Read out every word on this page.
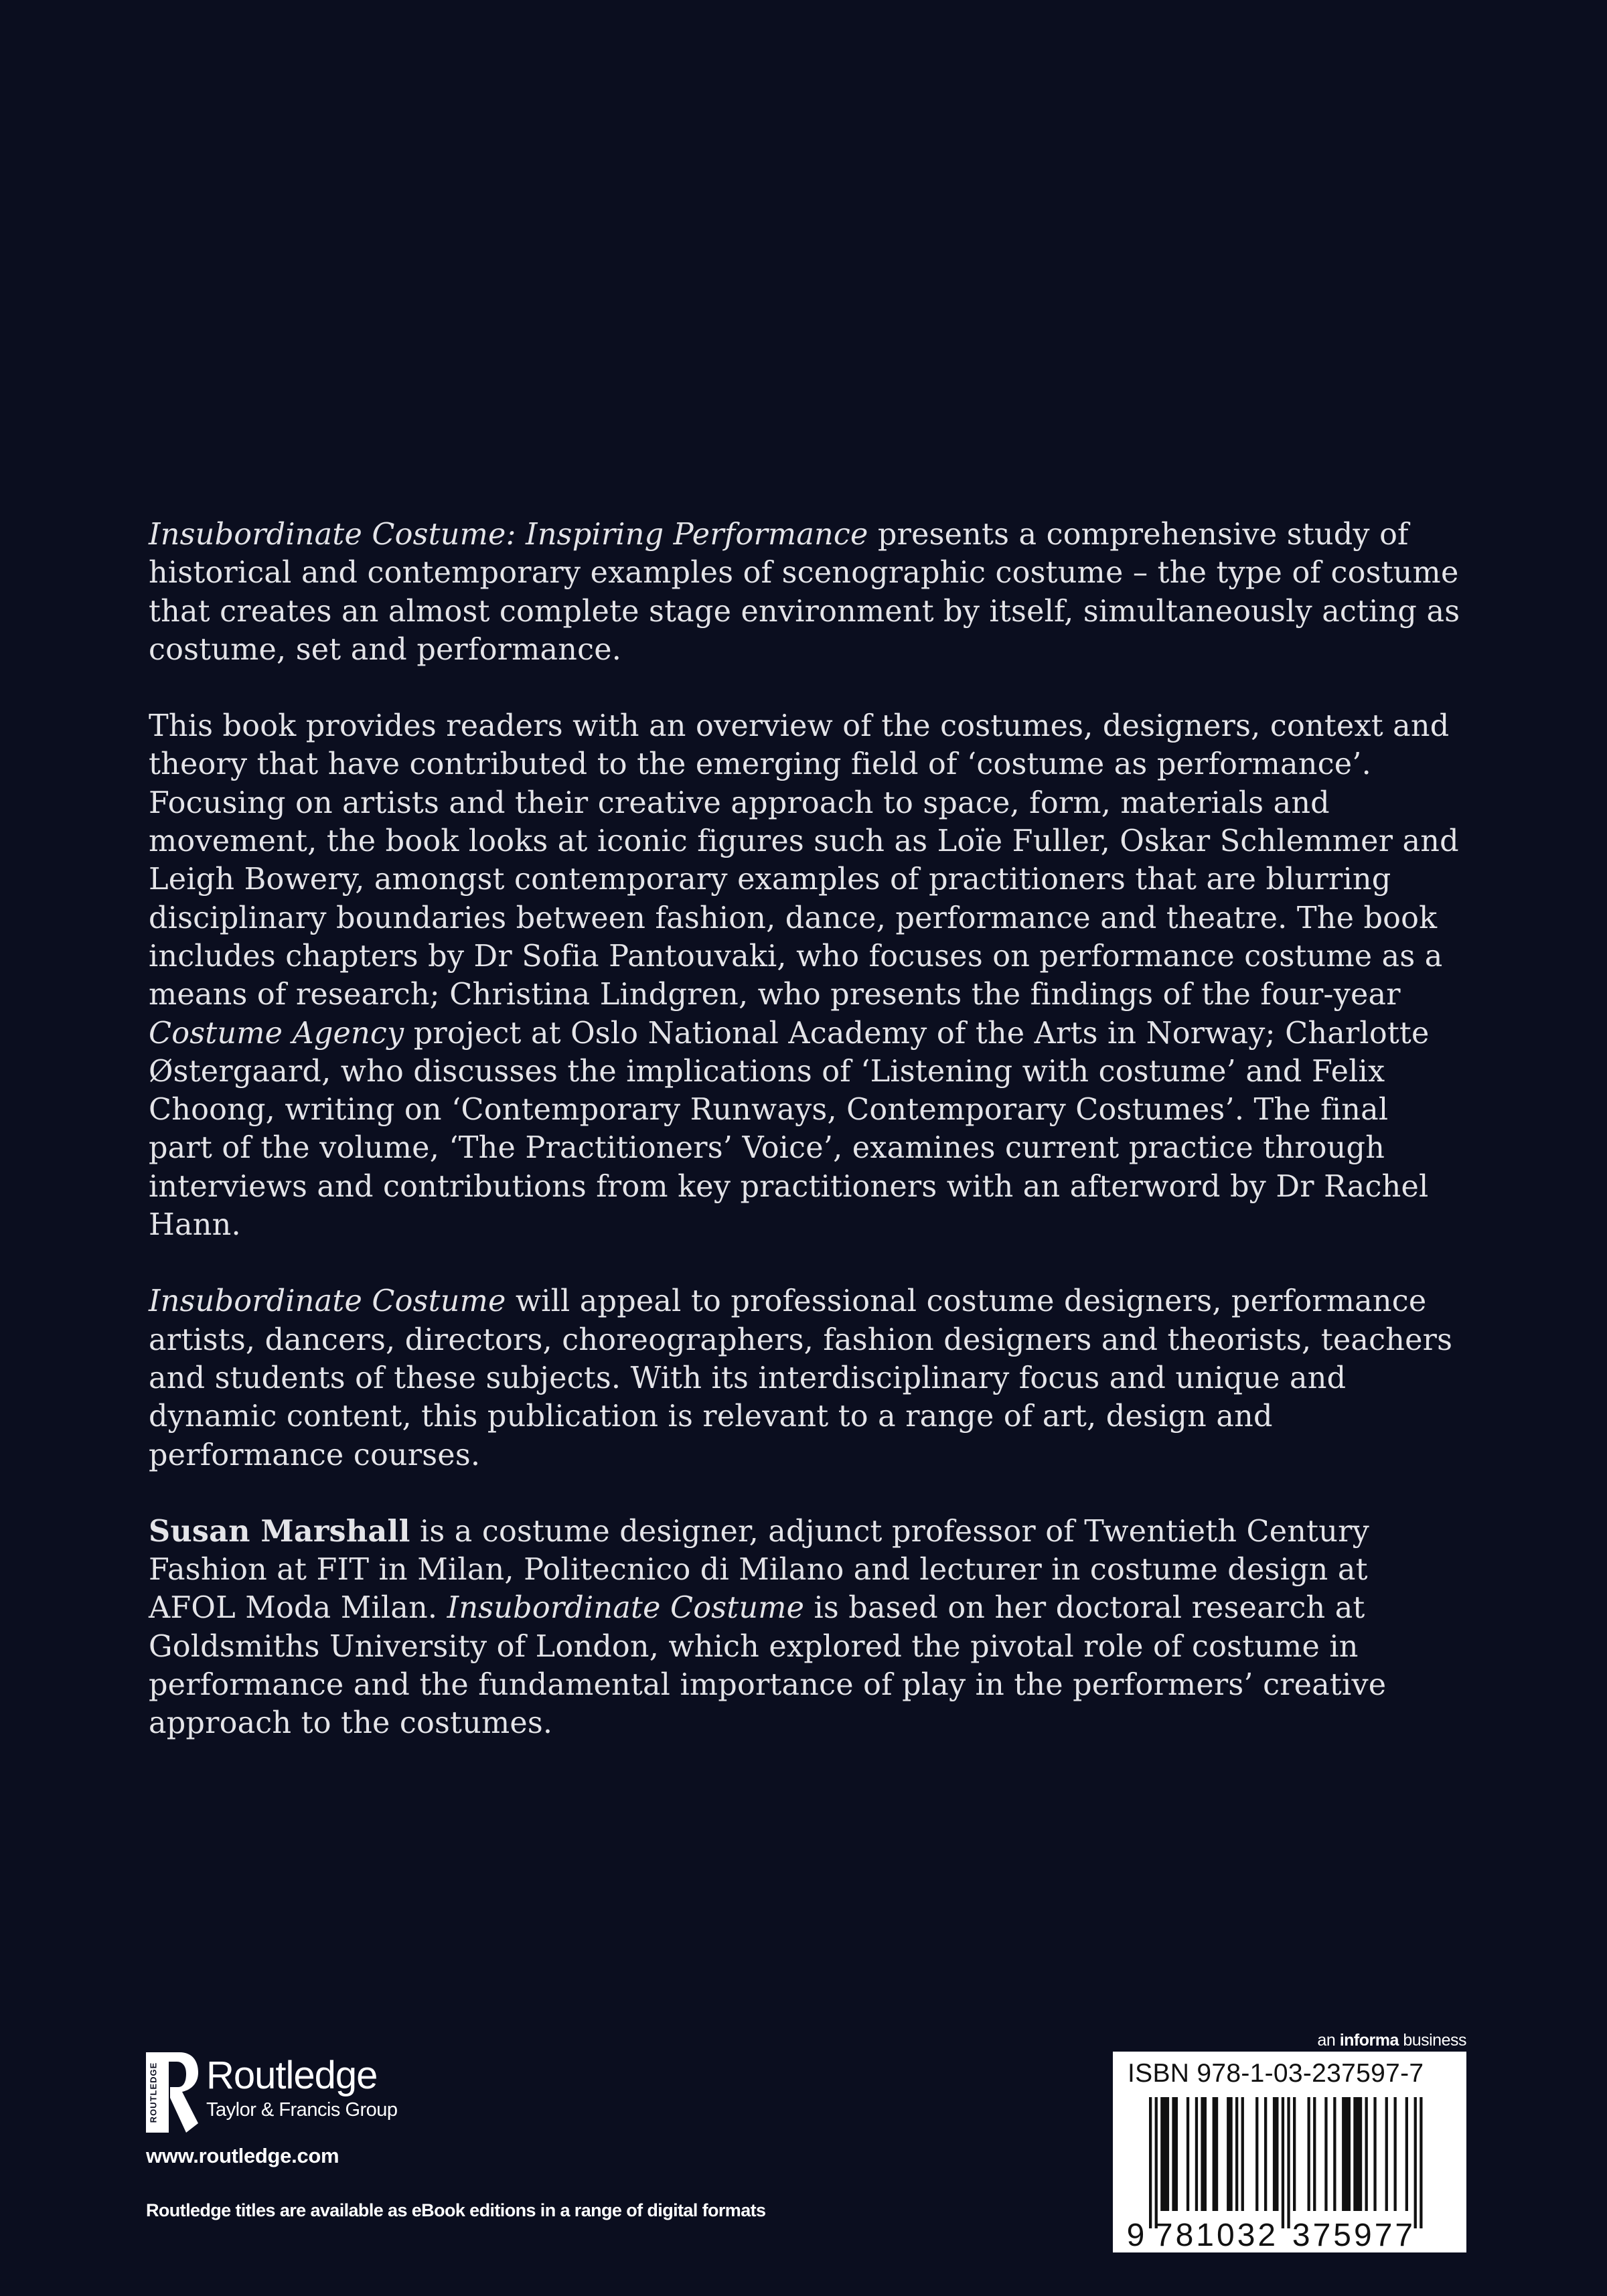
Insubordinate Costume: Inspiring Performance presents a comprehensive study of historical and contemporary examples of scenographic costume – the type of costume that creates an almost complete stage environment by itself, simultaneously acting as costume, set and performance.

This book provides readers with an overview of the costumes, designers, context and theory that have contributed to the emerging field of ‘costume as performance’. Focusing on artists and their creative approach to space, form, materials and movement, the book looks at iconic figures such as Loïe Fuller, Oskar Schlemmer and Leigh Bowery, amongst contemporary examples of practitioners that are blurring disciplinary boundaries between fashion, dance, performance and theatre. The book includes chapters by Dr Sofia Pantouvaki, who focuses on performance costume as a means of research; Christina Lindgren, who presents the findings of the four-year Costume Agency project at Oslo National Academy of the Arts in Norway; Charlotte Østergaard, who discusses the implications of ‘Listening with costume’ and Felix Choong, writing on ‘Contemporary Runways, Contemporary Costumes’. The final part of the volume, ‘The Practitioners’ Voice’, examines current practice through interviews and contributions from key practitioners with an afterword by Dr Rachel Hann.

Insubordinate Costume will appeal to professional costume designers, performance artists, dancers, directors, choreographers, fashion designers and theorists, teachers and students of these subjects. With its interdisciplinary focus and unique and dynamic content, this publication is relevant to a range of art, design and performance courses.

Susan Marshall is a costume designer, adjunct professor of Twentieth Century Fashion at FIT in Milan, Politecnico di Milano and lecturer in costume design at AFOL Moda Milan. Insubordinate Costume is based on her doctoral research at Goldsmiths University of London, which explored the pivotal role of costume in performance and the fundamental importance of play in the performers’ creative approach to the costumes.

ROUTLEDGE Routledge
Taylor & Francis Group
www.routledge.com
Routledge titles are available as eBook editions in a range of digital formats
an informa business
ISBN 978-1-03-237597-7
9 781032 375977
